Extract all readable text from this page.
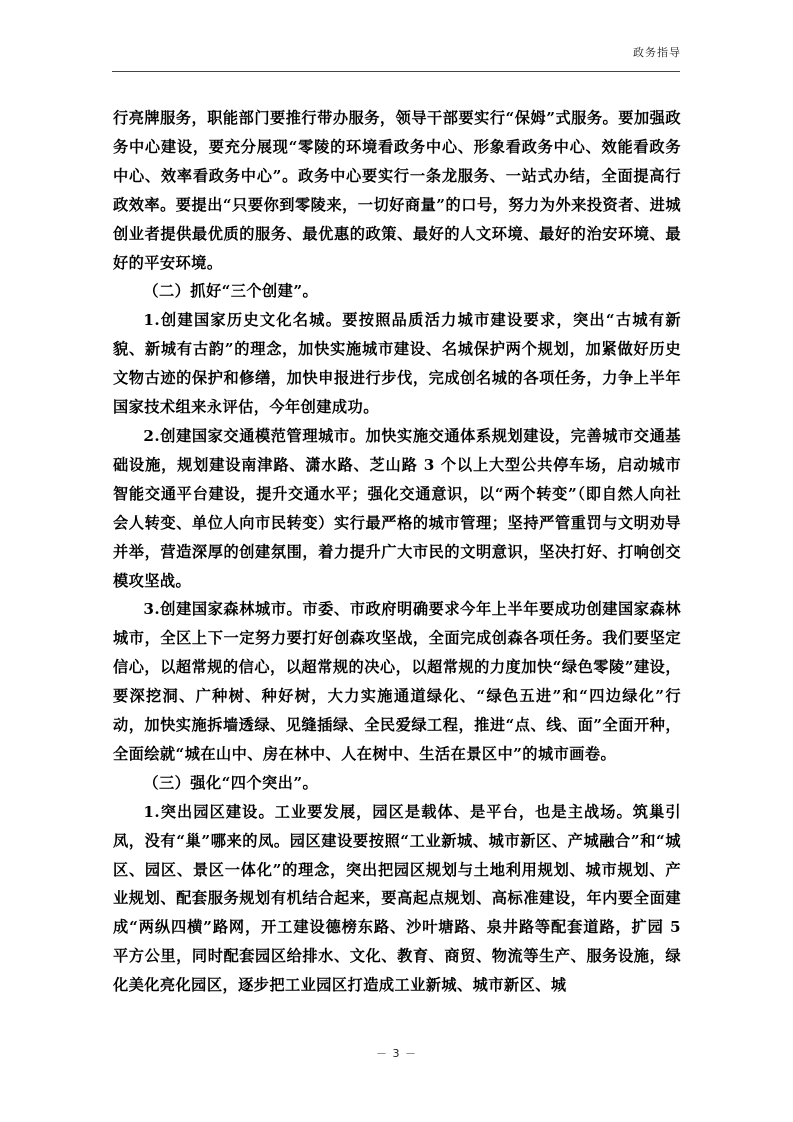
政务指导

行亮牌服务，职能部门要推行带办服务，领导干部要实行“保姆”式服务。要加强政务中心建设，要充分展现“零陵的环境看政务中心、形象看政务中心、效能看政务中心、效率看政务中心”。政务中心要实行一条龙服务、一站式办结，全面提高行政效率。要提出“只要你到零陵来，一切好商量”的口号，努力为外来投资者、进城创业者提供最优质的服务、最优惠的政策、最好的人文环境、最好的治安环境、最好的平安环境。

（二）抓好“三个创建”。

1.创建国家历史文化名城。要按照品质活力城市建设要求，突出“古城有新貌、新城有古韵”的理念，加快实施城市建设、名城保护两个规划，加紧做好历史文物古迹的保护和修缮，加快申报进行步伐，完成创名城的各项任务，力争上半年国家技术组来永评估，今年创建成功。

2.创建国家交通模范管理城市。加快实施交通体系规划建设，完善城市交通基础设施，规划建设南津路、潇水路、芝山路 3 个以上大型公共停车场，启动城市智能交通平台建设，提升交通水平；强化交通意识，以“两个转变”（即自然人向社会人转变、单位人向市民转变）实行最严格的城市管理；坚持严管重罚与文明劝导并举，营造深厚的创建氛围，着力提升广大市民的文明意识，坚决打好、打响创交模攻坚战。

3.创建国家森林城市。市委、市政府明确要求今年上半年要成功创建国家森林城市，全区上下一定努力要打好创森攻坚战，全面完成创森各项任务。我们要坚定信心，以超常规的信心，以超常规的决心，以超常规的力度加快“绿色零陵”建设，要深挖洞、广种树、种好树，大力实施通道绿化、“绿色五进”和“四边绿化”行动，加快实施拆墙透绿、见缝插绿、全民爱绿工程，推进“点、线、面”全面开种，全面绘就“城在山中、房在林中、人在树中、生活在景区中”的城市画卷。

（三）强化“四个突出”。

1.突出园区建设。工业要发展，园区是载体、是平台，也是主战场。筑巢引凤，没有“巢”哪来的凤。园区建设要按照“工业新城、城市新区、产城融合”和“城区、园区、景区一体化”的理念，突出把园区规划与土地利用规划、城市规划、产业规划、配套服务规划有机结合起来，要高起点规划、高标准建设，年内要全面建成“两纵四横”路网，开工建设德榜东路、沙叶塘路、泉井路等配套道路，扩园 5 平方公里，同时配套园区给排水、文化、教育、商贸、物流等生产、服务设施，绿化美化亮化园区，逐步把工业园区打造成工业新城、城市新区、城

－ 3 －
